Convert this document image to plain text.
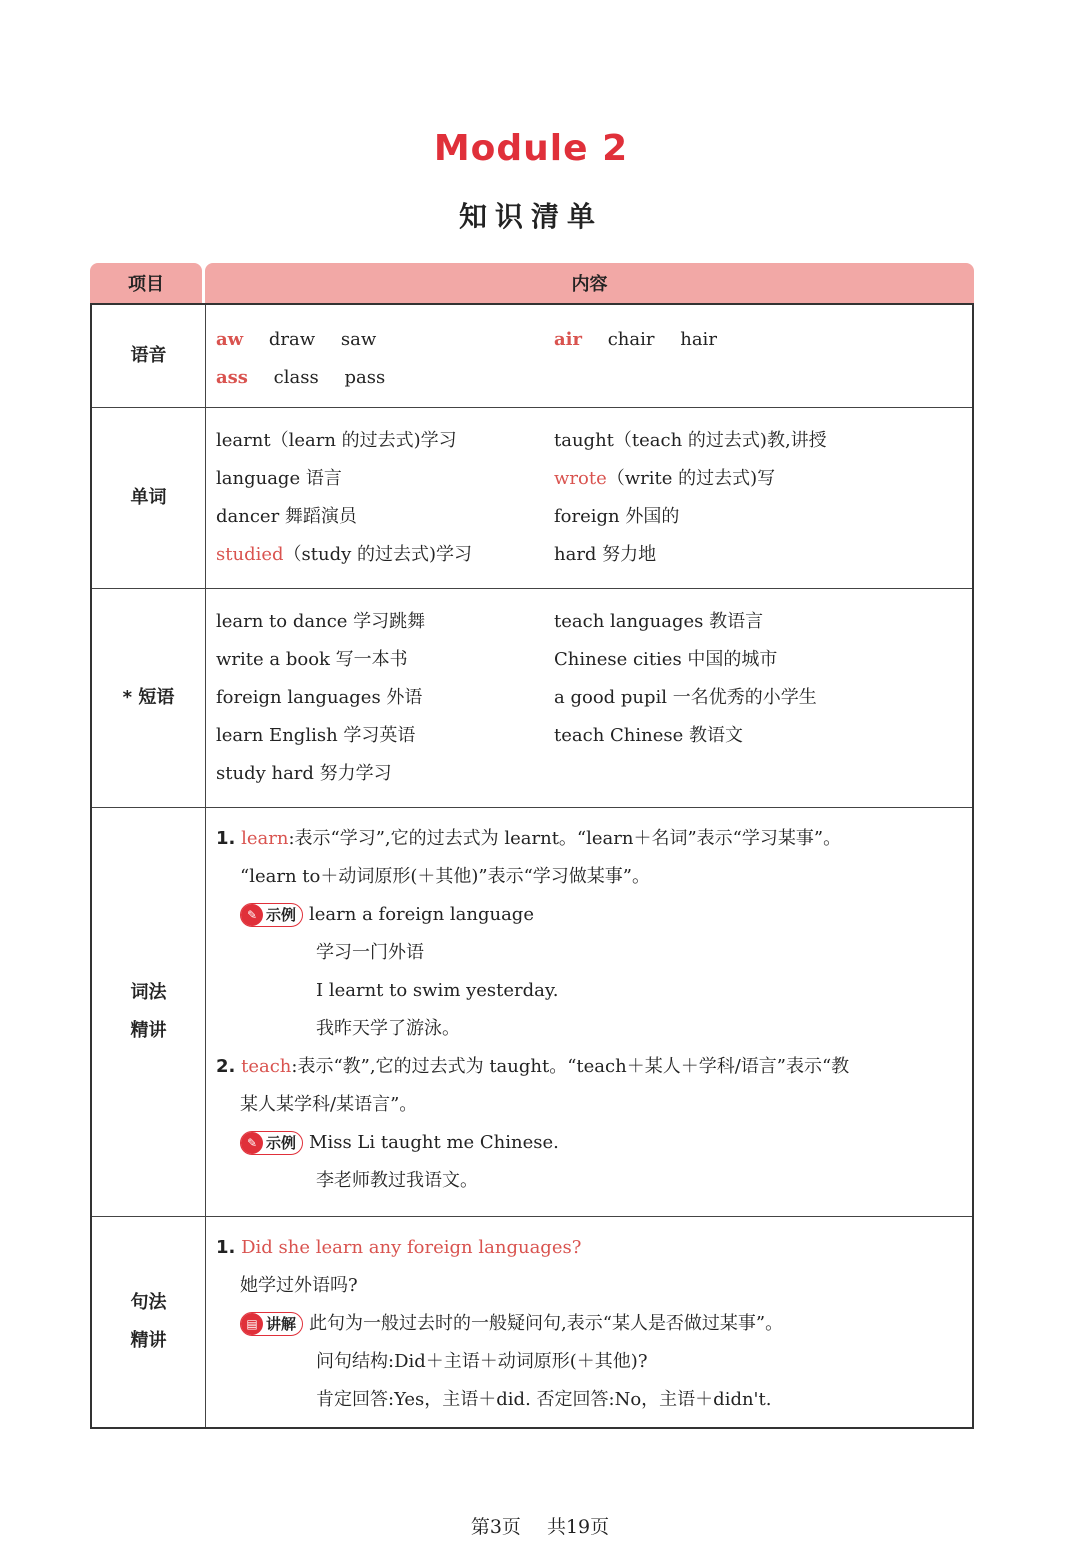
Module 2
知识清单
项目	内容
语音
aw draw saw
ass class pass
air chair hair
单词
learnt（learn 的过去式)学习
language 语言
dancer 舞蹈演员
studied（study 的过去式)学习
taught（teach 的过去式)教,讲授
wrote（write 的过去式)写
foreign 外国的
hard 努力地
* 短语
learn to dance 学习跳舞
write a book 写一本书
foreign languages 外语
learn English 学习英语
study hard 努力学习
teach languages 教语言
Chinese cities 中国的城市
a good pupil 一名优秀的小学生
teach Chinese 教语文
词法
精讲
1. learn:表示“学习”,它的过去式为 learnt。“learn＋名词”表示“学习某事”。
“learn to＋动词原形(＋其他)”表示“学习做某事”。
✎ 示例 learn a foreign language
学习一门外语
I learnt to swim yesterday.
我昨天学了游泳。
2. teach:表示“教”,它的过去式为 taught。“teach＋某人＋学科/语言”表示“教
某人某学科/某语言”。
✎ 示例 Miss Li taught me Chinese.
李老师教过我语文。
句法
精讲
1. Did she learn any foreign languages?
她学过外语吗?
▤ 讲解 此句为一般过去时的一般疑问句,表示“某人是否做过某事”。
问句结构:Did＋主语＋动词原形(＋其他)?
肯定回答:Yes，主语＋did. 否定回答:No，主语＋didn't.
第3页 共19页
